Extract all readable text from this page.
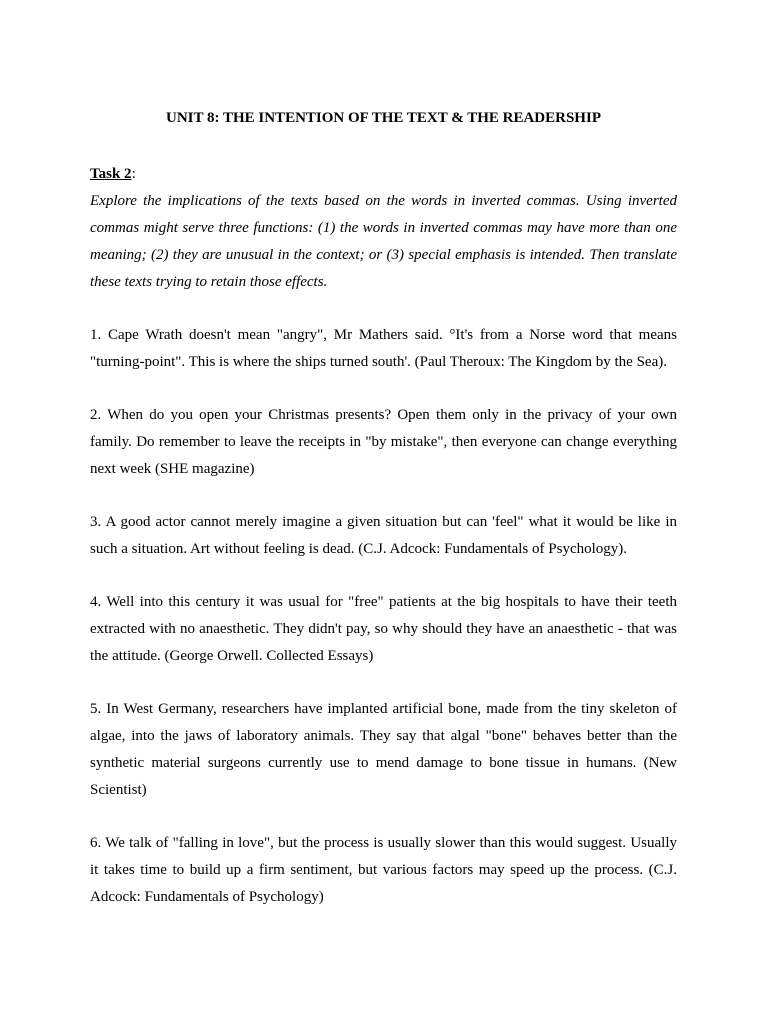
UNIT 8: THE INTENTION OF THE TEXT & THE READERSHIP

Task 2:

Explore the implications of the texts based on the words in inverted commas. Using inverted commas might serve three functions: (1) the words in inverted commas may have more than one meaning; (2) they are unusual in the context; or (3) special emphasis is intended. Then translate these texts trying to retain those effects.

1. Cape Wrath doesn't mean "angry", Mr Mathers said. °It's from a Norse word that means "turning-point". This is where the ships turned south'. (Paul Theroux: The Kingdom by the Sea).

2. When do you open your Christmas presents? Open them only in the privacy of your own family. Do remember to leave the receipts in "by mistake", then everyone can change everything next week (SHE magazine)

3. A good actor cannot merely imagine a given situation but can 'feel" what it would be like in such a situation. Art without feeling is dead. (C.J. Adcock: Fundamentals of Psychology).

4. Well into this century it was usual for "free" patients at the big hospitals to have their teeth extracted with no anaesthetic. They didn't pay, so why should they have an anaesthetic - that was the attitude. (George Orwell. Collected Essays)

5. In West Germany, researchers have implanted artificial bone, made from the tiny skeleton of algae, into the jaws of laboratory animals. They say that algal "bone" behaves better than the synthetic material surgeons currently use to mend damage to bone tissue in humans. (New Scientist)

6. We talk of "falling in love", but the process is usually slower than this would suggest. Usually it takes time to build up a firm sentiment, but various factors may speed up the process. (C.J. Adcock: Fundamentals of Psychology)
